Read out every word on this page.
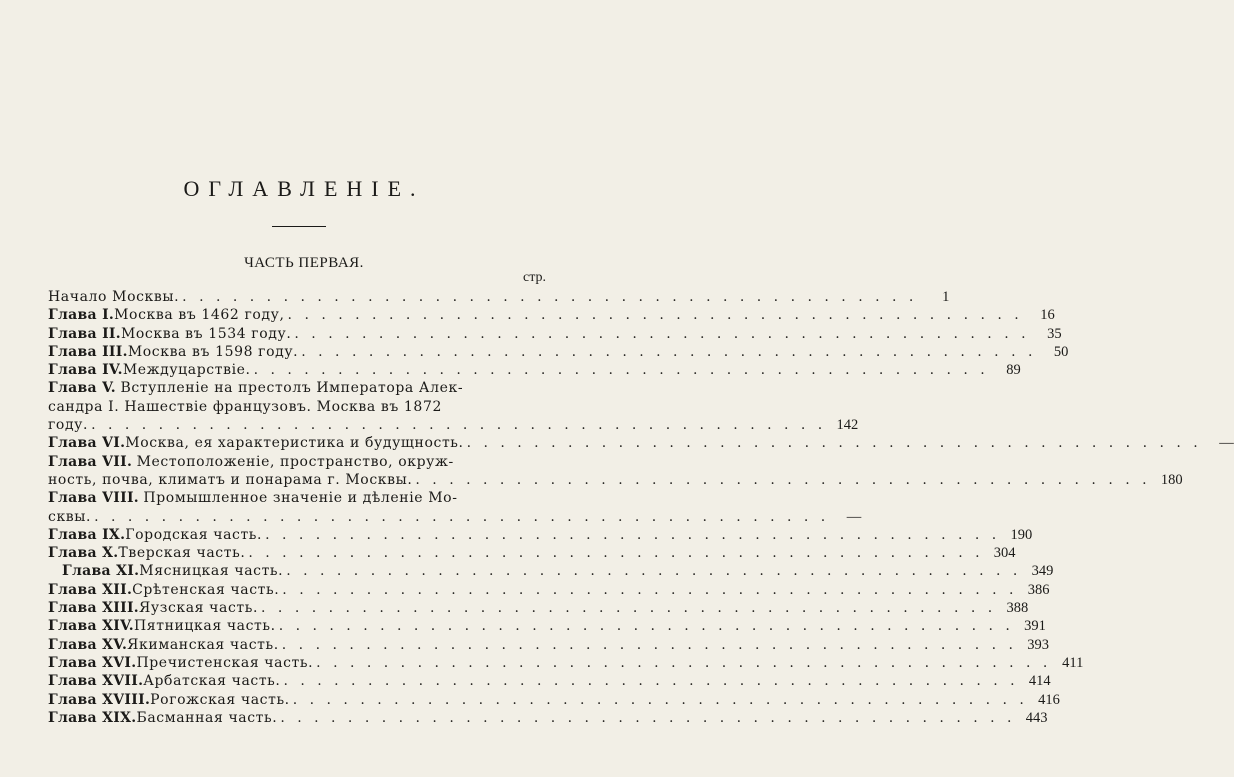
ОГЛАВЛЕНІЕ.
ЧАСТЬ ПЕРВАЯ.
стр.
Начало Москвы. . . . . . . . . . . . . . . . . . . . . . . . . . . . . . . . . . . . . . . . . . . . .	1
Глава I. Москва въ 1462 году, . . . . . . . . . . . . . . . . . . . . . . . . . . . . . . . . . . . . . . . . . . . .	16
Глава II. Москва въ 1534 году. . . . . . . . . . . . . . . . . . . . . . . . . . . . . . . . . . . . . . . . . . . . .	35
Глава III. Москва въ 1598 году. . . . . . . . . . . . . . . . . . . . . . . . . . . . . . . . . . . . . . . . . . . . .	50
Глава IV. Междуцарствіе. . . . . . . . . . . . . . . . . . . . . . . . . . . . . . . . . . . . . . . . . . . . .	89
Глава V. Вступленіе на престолъ Императора Алек-
сандра I. Нашествіе французовъ. Москва въ 1872
году. . . . . . . . . . . . . . . . . . . . . . . . . . . . . . . . . . . . . . . . . . . . . 142
Глава VI. Москва, ея характеристика и будущность. . . . . . . . . . . . . . . . . . . . . . . . . . . . . . . . . . . . . . . . . . . . .	—
Глава VII. Местоположеніе, пространство, окруж-
ность, почва, климатъ и понарама г. Москвы. . . . . . . . . . . . . . . . . . . . . . . . . . . . . . . . . . . . . . . . . . . . . 180
Глава VIII. Промышленное значеніе и дѣленіе Мо-
сквы. . . . . . . . . . . . . . . . . . . . . . . . . . . . . . . . . . . . . . . . . . . . .	—
Глава IX. Городская часть. . . . . . . . . . . . . . . . . . . . . . . . . . . . . . . . . . . . . . . . . . . . . 190
Глава X. Тверская часть. . . . . . . . . . . . . . . . . . . . . . . . . . . . . . . . . . . . . . . . . . . . . 304
Глава XI. Мясницкая часть. . . . . . . . . . . . . . . . . . . . . . . . . . . . . . . . . . . . . . . . . . . . . 349
Глава XII. Срѣтенская часть. . . . . . . . . . . . . . . . . . . . . . . . . . . . . . . . . . . . . . . . . . . . . 386
Глава XIII. Яузская часть. . . . . . . . . . . . . . . . . . . . . . . . . . . . . . . . . . . . . . . . . . . . . 388
Глава XIV. Пятницкая часть. . . . . . . . . . . . . . . . . . . . . . . . . . . . . . . . . . . . . . . . . . . . . 391
Глава XV. Якиманская часть. . . . . . . . . . . . . . . . . . . . . . . . . . . . . . . . . . . . . . . . . . . . . 393
Глава XVI. Пречистенская часть. . . . . . . . . . . . . . . . . . . . . . . . . . . . . . . . . . . . . . . . . . . . . 411
Глава XVII. Арбатская часть. . . . . . . . . . . . . . . . . . . . . . . . . . . . . . . . . . . . . . . . . . . . . 414
Глава XVIII. Рогожская часть. . . . . . . . . . . . . . . . . . . . . . . . . . . . . . . . . . . . . . . . . . . . . 416
Глава XIX. Басманная часть. . . . . . . . . . . . . . . . . . . . . . . . . . . . . . . . . . . . . . . . . . . . . 443
